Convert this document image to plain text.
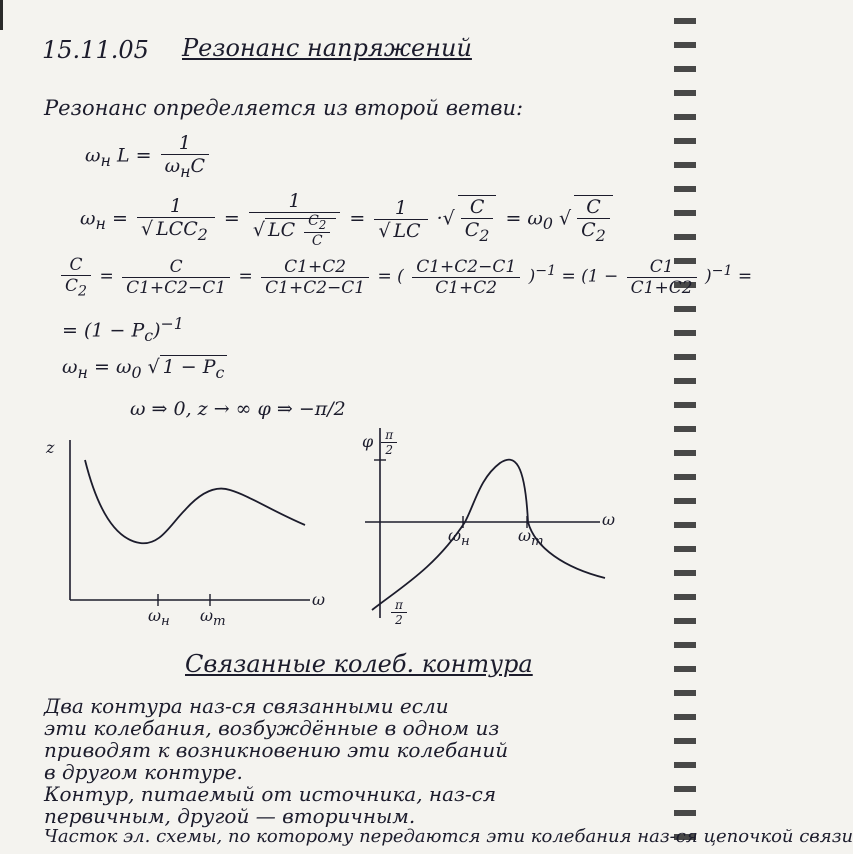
15.11.05 Резонанс напряжений
Резонанс определяется из второй ветви:
$\omega_н$ $L = \frac{1}{\omega_нC}$
$\omega_н = \frac{1}{√ LCC_2} = \frac{1}{√ LC \frac{C_2}{C}} = \frac{1}{√ LC}$ ·√ $\frac{C}{C_2} = \omega_0$ √ $\frac{C}{C_2}$
$\frac{C}{C_2} = \frac{C}{C1+C2-C1} = \frac{C1+C2}{C1+C2-C1}$ = ( $\frac{C1+C2-C1}{C1+C2} )^{-1} = (1 - \frac{C1}{C1+C2} )^{-1}$ =
= $(1 - P_c)^{-1}$
$\omega_н = \omega_0$ √ $1 - P_c$
ω ⇒ 0, z → ∞ φ ⇒ −π/2
z
ω
$\omega_н$ $\omega_т$
φ $\frac{\pi}{2}$
ω
$\omega_н$	$\omega_т$
$\frac{\pi}{2}$
Связанные колеб. контура
Два контура наз-ся связанными если
эти колебания, возбуждённые в одном из
приводят к возникновению эти колебаний
в другом контуре.
Контур, питаемый от источника, наз-ся
первичным, другой — вторичным.
Часток эл. схемы, по которому передаются эти колебания наз-ся цепочкой связи
